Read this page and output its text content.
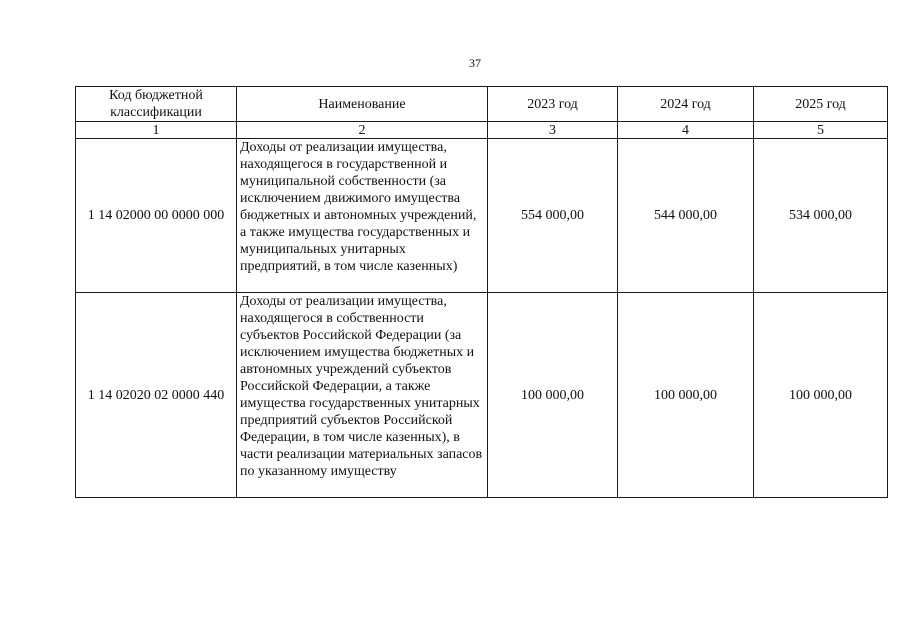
37
Код бюджетной классификации	Наименование	2023 год	2024 год	2025 год
1	2	3	4	5
1 14 02000 00 0000 000	Доходы от реализации имущества, находящегося в государственной и муниципальной собственности (за исключением движимого имущества бюджетных и автономных учреждений, а также имущества государственных и муниципальных унитарных предприятий, в том числе казенных)	554 000,00	544 000,00	534 000,00
1 14 02020 02 0000 440	Доходы от реализации имущества, находящегося в собственности субъектов Российской Федерации (за исключением имущества бюджетных и автономных учреждений субъектов Российской Федерации, а также имущества государственных унитарных предприятий субъектов Российской Федерации, в том числе казенных), в части реализации материальных запасов по указанному имуществу	100 000,00	100 000,00	100 000,00
